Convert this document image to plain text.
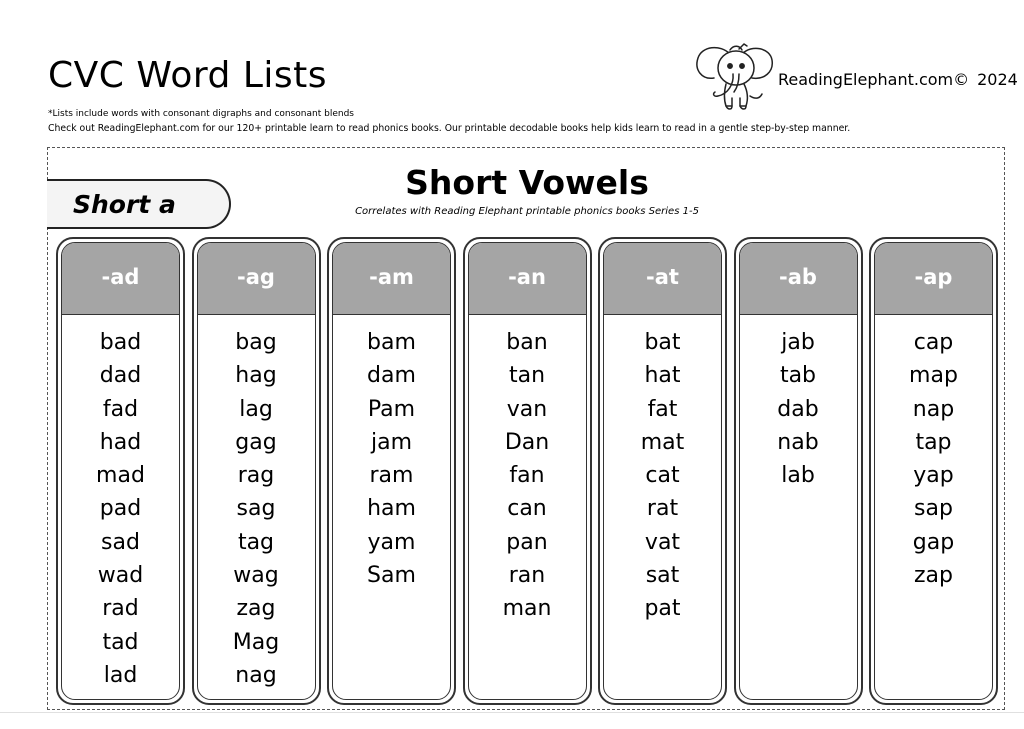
CVC Word Lists
*Lists include words with consonant digraphs and consonant blends
Check out ReadingElephant.com for our 120+ printable learn to read phonics books. Our printable decodable books help kids learn to read in a gentle step-by-step manner.
ReadingElephant.com© 2024
Short a
Short Vowels
Correlates with Reading Elephant printable phonics books Series 1-5
-ad
bad
dad
fad
had
mad
pad
sad
wad
rad
tad
lad
-ag
bag
hag
lag
gag
rag
sag
tag
wag
zag
Mag
nag
-am
bam
dam
Pam
jam
ram
ham
yam
Sam
-an
ban
tan
van
Dan
fan
can
pan
ran
man
-at
bat
hat
fat
mat
cat
rat
vat
sat
pat
-ab
jab
tab
dab
nab
lab
-ap
cap
map
nap
tap
yap
sap
gap
zap
